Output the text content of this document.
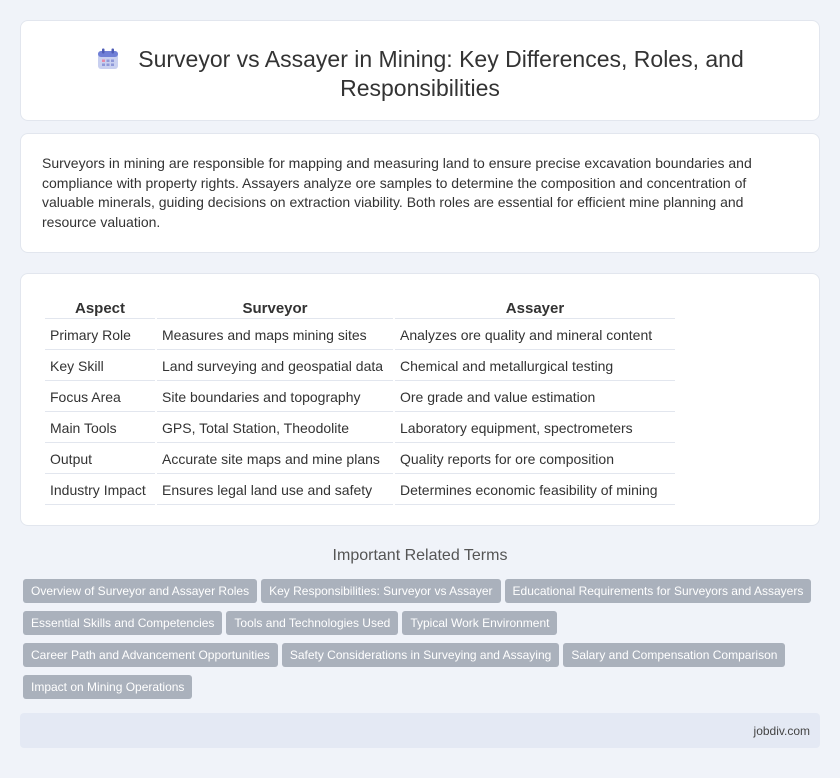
Surveyor vs Assayer in Mining: Key Differences, Roles, and Responsibilities

Surveyors in mining are responsible for mapping and measuring land to ensure precise excavation boundaries and compliance with property rights. Assayers analyze ore samples to determine the composition and concentration of valuable minerals, guiding decisions on extraction viability. Both roles are essential for efficient mine planning and resource valuation.

Aspect	Surveyor	Assayer
Primary Role	Measures and maps mining sites	Analyzes ore quality and mineral content
Key Skill	Land surveying and geospatial data	Chemical and metallurgical testing
Focus Area	Site boundaries and topography	Ore grade and value estimation
Main Tools	GPS, Total Station, Theodolite	Laboratory equipment, spectrometers
Output	Accurate site maps and mine plans	Quality reports for ore composition
Industry Impact	Ensures legal land use and safety	Determines economic feasibility of mining
Important Related Terms
Overview of Surveyor and Assayer Roles Key Responsibilities: Surveyor vs Assayer Educational Requirements for Surveyors and Assayers
Essential Skills and Competencies Tools and Technologies Used Typical Work Environment
Career Path and Advancement Opportunities Safety Considerations in Surveying and Assaying Salary and Compensation Comparison
Impact on Mining Operations
jobdiv.com
